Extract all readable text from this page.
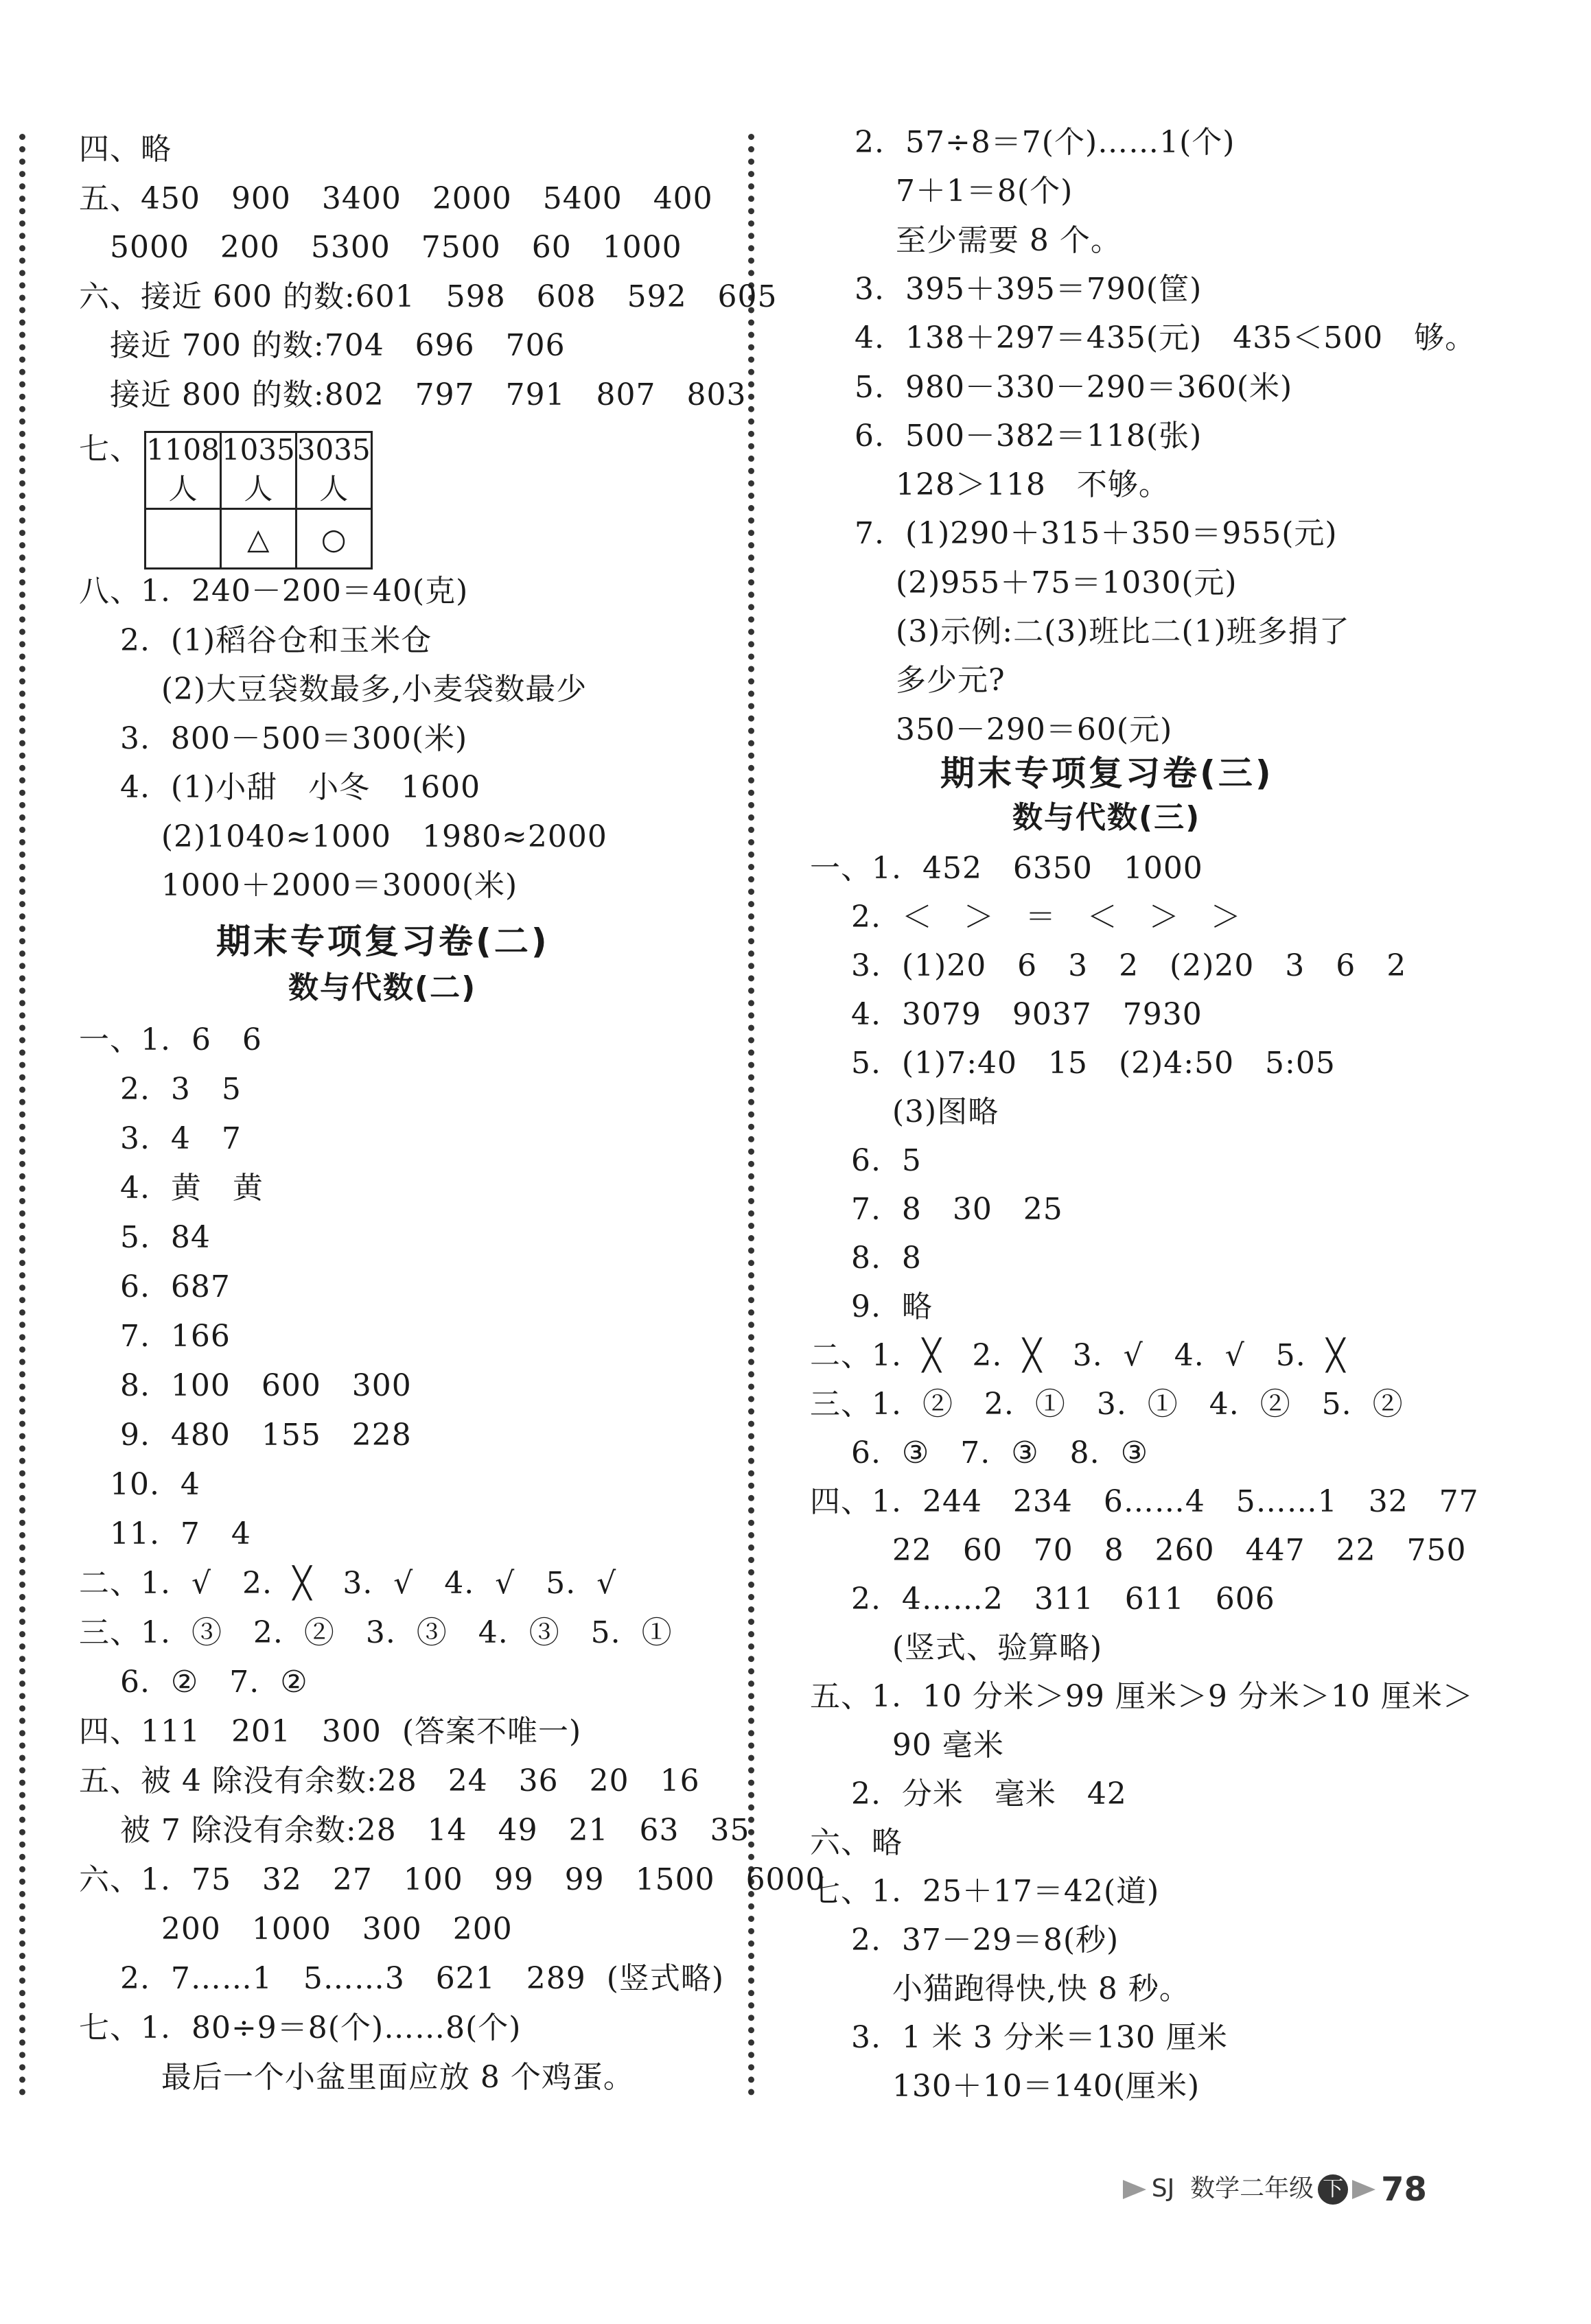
四、略
五、450   900   3400   2000   5400   400
5000   200   5300   7500   60   1000
六、接近 600 的数:601   598   608   592   605
接近 700 的数:704   696   706
接近 800 的数:802   797   791   807   803
七、 1108 人	1035 人	3035 人
	△	○
八、1.  240－200＝40(克)
2.  (1)稻谷仓和玉米仓
(2)大豆袋数最多,小麦袋数最少
3.  800－500＝300(米)
4.  (1)小甜   小冬   1600
(2)1040≈1000   1980≈2000
1000＋2000＝3000(米)
期末专项复习卷(二)
数与代数(二)
一、1.  6   6
2.  3   5
3.  4   7
4.  黄   黄
5.  84
6.  687
7.  166
8.  100   600   300
9.  480   155   228
10.  4
11.  7   4
二、1.  √   2.  ╳   3.  √   4.  √   5.  √
三、1.  ③   2.  ②   3.  ③   4.  ③   5.  ①
6.  ②   7.  ②
四、111   201   300  (答案不唯一)
五、被 4 除没有余数:28   24   36   20   16
被 7 除没有余数:28   14   49   21   63   35
六、1.  75   32   27   100   99   99   1500   6000
200   1000   300   200
2.  7……1   5……3   621   289  (竖式略)
七、1.  80÷9＝8(个)……8(个)
最后一个小盆里面应放 8 个鸡蛋。
2.  57÷8＝7(个)……1(个)
7＋1＝8(个)
至少需要 8 个。
3.  395＋395＝790(筐)
4.  138＋297＝435(元)   435＜500   够。
5.  980－330－290＝360(米)
6.  500－382＝118(张)
128＞118   不够。
7.  (1)290＋315＋350＝955(元)
(2)955＋75＝1030(元)
(3)示例:二(3)班比二(1)班多捐了
多少元?
350－290＝60(元)
期末专项复习卷(三)
数与代数(三)
一、1.  452   6350   1000
2.  ＜   ＞   ＝   ＜   ＞   ＞
3.  (1)20   6   3   2   (2)20   3   6   2
4.  3079   9037   7930
5.  (1)7:40   15   (2)4:50   5:05
(3)图略
6.  5
7.  8   30   25
8.  8
9.  略
二、1.  ╳   2.  ╳   3.  √   4.  √   5.  ╳
三、1.  ②   2.  ①   3.  ①   4.  ②   5.  ②
6.  ③   7.  ③   8.  ③
四、1.  244   234   6……4   5……1   32   77
22   60   70   8   260   447   22   750
2.  4……2   311   611   606
(竖式、验算略)
五、1.  10 分米＞99 厘米＞9 分米＞10 厘米＞
90 毫米
2.  分米   毫米   42
六、略
七、1.  25＋17＝42(道)
2.  37－29＝8(秒)
小猫跑得快,快 8 秒。
3.  1 米 3 分米＝130 厘米
130＋10＝140(厘米)

SJ 数学二年级 下 78
